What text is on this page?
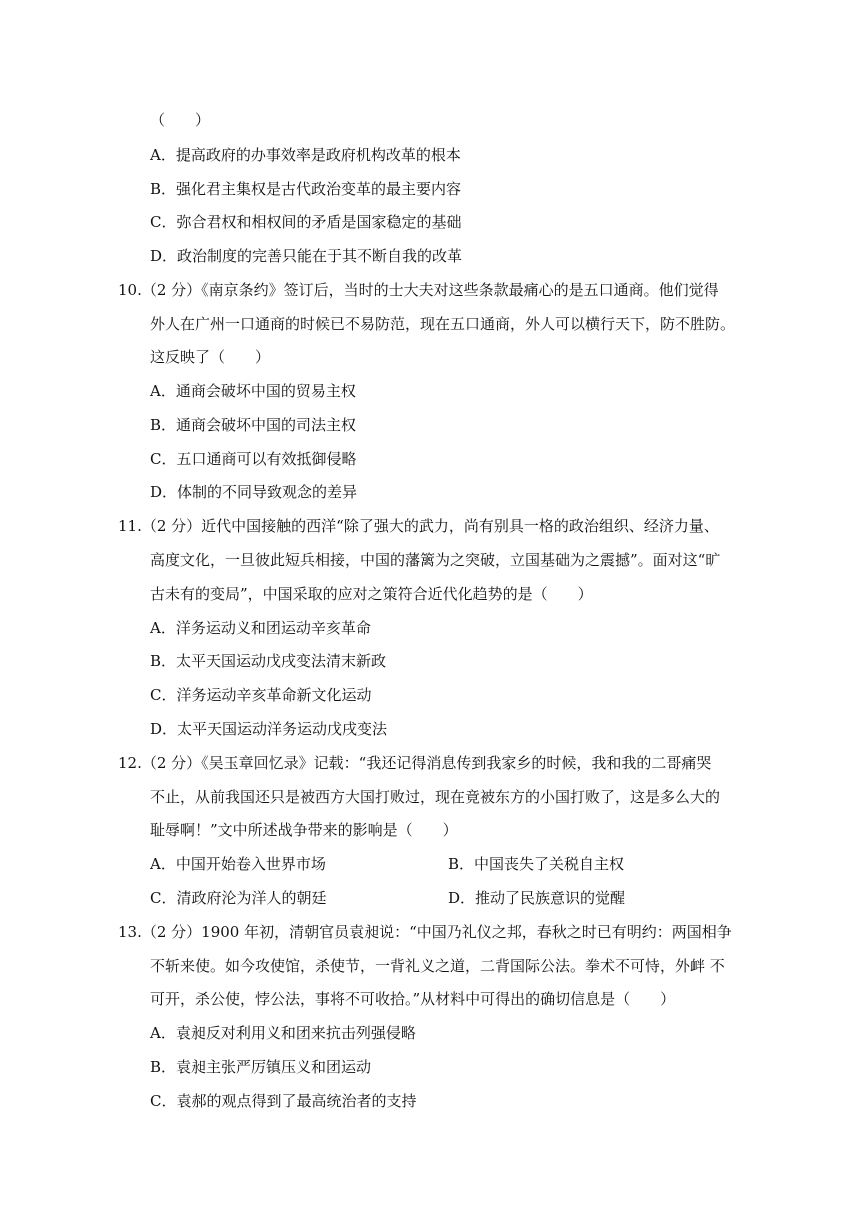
（　　）
A．提高政府的办事效率是政府机构改革的根本
B．强化君主集权是古代政治变革的最主要内容
C．弥合君权和相权间的矛盾是国家稳定的基础
D．政治制度的完善只能在于其不断自我的改革
10.（2 分）《南京条约》签订后，当时的士大夫对这些条款最痛心的是五口通商。他们觉得
外人在广州一口通商的时候已不易防范，现在五口通商，外人可以横行天下，防不胜防。
这反映了（　　）
A．通商会破坏中国的贸易主权
B．通商会破坏中国的司法主权
C．五口通商可以有效抵御侵略
D．体制的不同导致观念的差异
11.（2 分）近代中国接触的西洋“除了强大的武力，尚有别具一格的政治组织、经济力量、
高度文化，一旦彼此短兵相接，中国的藩篱为之突破，立国基础为之震撼”。面对这“旷
古未有的变局”，中国采取的应对之策符合近代化趋势的是（　　）
A．洋务运动义和团运动辛亥革命
B．太平天国运动戊戌变法清末新政
C．洋务运动辛亥革命新文化运动
D．太平天国运动洋务运动戊戌变法
12.（2 分）《吴玉章回忆录》记载：“我还记得消息传到我家乡的时候，我和我的二哥痛哭
不止，从前我国还只是被西方大国打败过，现在竟被东方的小国打败了，这是多么大的
耻辱啊！”文中所述战争带来的影响是（　　）
A．中国开始卷入世界市场	B．中国丧失了关税自主权
C．清政府沦为洋人的朝廷	D．推动了民族意识的觉醒
13.（2 分）1900 年初，清朝官员袁昶说：“中国乃礼仪之邦，春秋之时已有明约：两国相争
不斩来使。如今攻使馆，杀使节，一背礼义之道，二背国际公法。拳术不可恃，外衅 不
可开，杀公使，悖公法，事将不可收拾。”从材料中可得出的确切信息是（　　）
A．袁昶反对利用义和团来抗击列强侵略
B．袁昶主张严厉镇压义和团运动
C．袁郝的观点得到了最高统治者的支持
